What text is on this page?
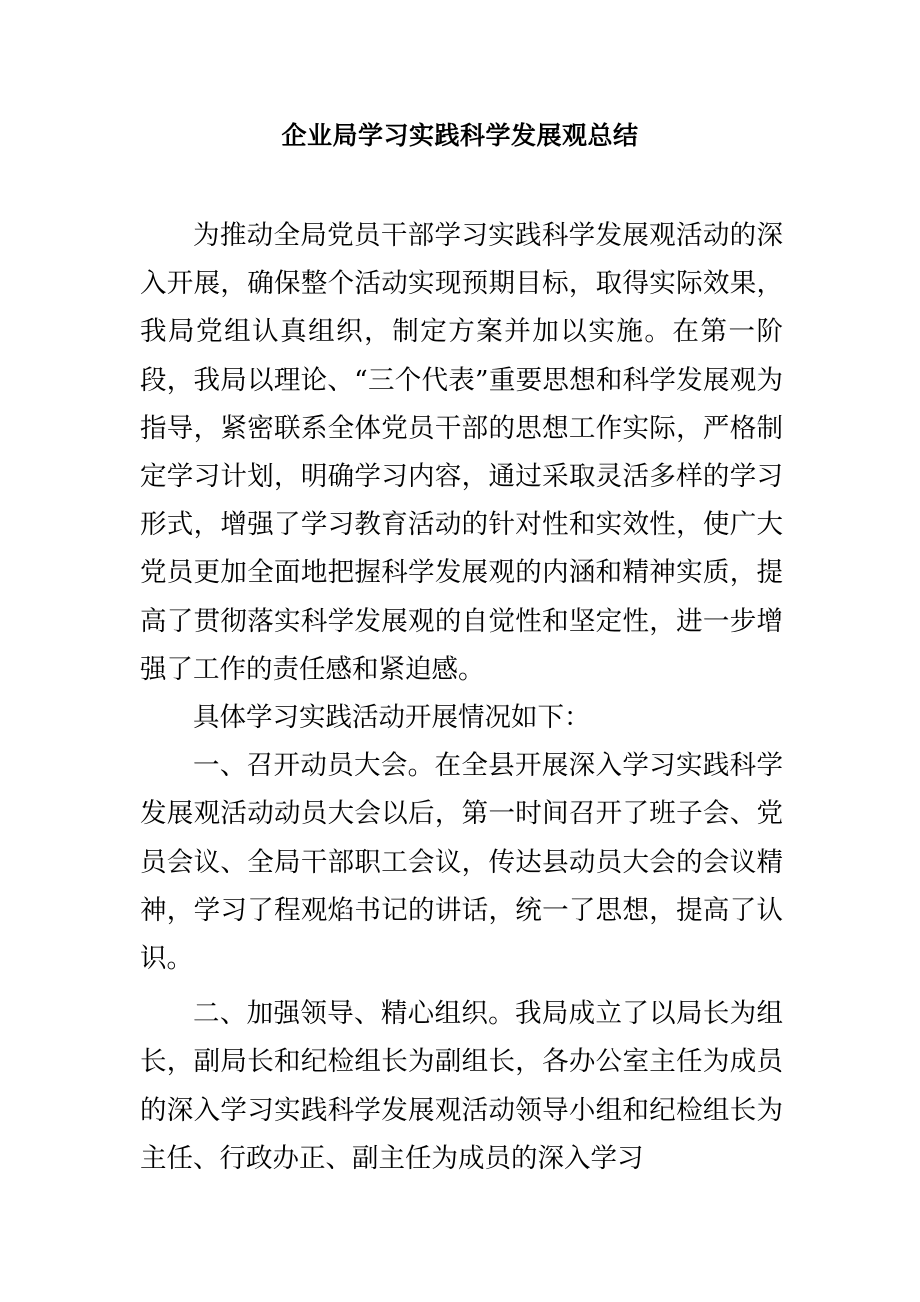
企业局学习实践科学发展观总结

为推动全局党员干部学习实践科学发展观活动的深入开展，确保整个活动实现预期目标，取得实际效果，我局党组认真组织，制定方案并加以实施。在第一阶段，我局以理论、“三个代表”重要思想和科学发展观为指导，紧密联系全体党员干部的思想工作实际，严格制定学习计划，明确学习内容，通过采取灵活多样的学习形式，增强了学习教育活动的针对性和实效性，使广大党员更加全面地把握科学发展观的内涵和精神实质，提高了贯彻落实科学发展观的自觉性和坚定性，进一步增强了工作的责任感和紧迫感。

具体学习实践活动开展情况如下：

一、召开动员大会。在全县开展深入学习实践科学发展观活动动员大会以后，第一时间召开了班子会、党员会议、全局干部职工会议，传达县动员大会的会议精神，学习了程观焰书记的讲话，统一了思想，提高了认识。

二、加强领导、精心组织。我局成立了以局长为组长，副局长和纪检组长为副组长，各办公室主任为成员的深入学习实践科学发展观活动领导小组和纪检组长为主任、行政办正、副主任为成员的深入学习
